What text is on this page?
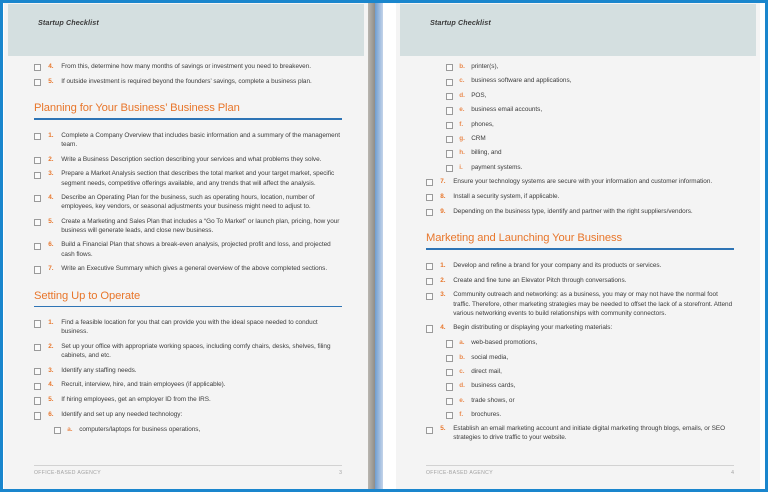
Startup Checklist
4.	From this, determine how many months of savings or investment you need to breakeven.
5.	If outside investment is required beyond the founders’ savings, complete a business plan.
Planning for Your Business’ Business Plan
1.	Complete a Company Overview that includes basic information and a summary of the management team.
2.	Write a Business Description section describing your services and what problems they solve.
3.	Prepare a Market Analysis section that describes the total market and your target market, specific segment needs, competitive offerings available, and any trends that will affect the analysis.
4.	Describe an Operating Plan for the business, such as operating hours, location, number of employees, key vendors, or seasonal adjustments your business might need to adjust to.
5.	Create a Marketing and Sales Plan that includes a “Go To Market” or launch plan, pricing, how your business will generate leads, and close new business.
6.	Build a Financial Plan that shows a break-even analysis, projected profit and loss, and projected cash flows.
7.	Write an Executive Summary which gives a general overview of the above completed sections.
Setting Up to Operate
1.	Find a feasible location for you that can provide you with the ideal space needed to conduct business.
2.	Set up your office with appropriate working spaces, including comfy chairs, desks, shelves, filing cabinets, and etc.
3.	Identify any staffing needs.
4.	Recruit, interview, hire, and train employees (if applicable).
5.	If hiring employees, get an employer ID from the IRS.
6.	Identify and set up any needed technology:
a.	computers/laptops for business operations,
OFFICE-BASED AGENCY	3
Startup Checklist
b. printer(s),
c.	business software and applications,
d. POS,
e.	business email accounts,
f.	phones,
g. CRM
h. billing, and
i.	payment systems.
7.	Ensure your technology systems are secure with your information and customer information.
8.	Install a security system, if applicable.
9.	Depending on the business type, identify and partner with the right suppliers/vendors.
Marketing and Launching Your Business
1.	Develop and refine a brand for your company and its products or services.
2.	Create and fine tune an Elevator Pitch through conversations.
3.	Community outreach and networking: as a business, you may or may not have the normal foot traffic. Therefore, other marketing strategies may be needed to offset the lack of a storefront. Attend various networking events to build relationships with community connectors.
4.	Begin distributing or displaying your marketing materials:
a.	web-based promotions,
b. social media,
c.	direct mail,
d. business cards,
e.	trade shows, or
f.	brochures.
5.	Establish an email marketing account and initiate digital marketing through blogs, emails, or SEO strategies to drive traffic to your website.
OFFICE-BASED AGENCY	4
